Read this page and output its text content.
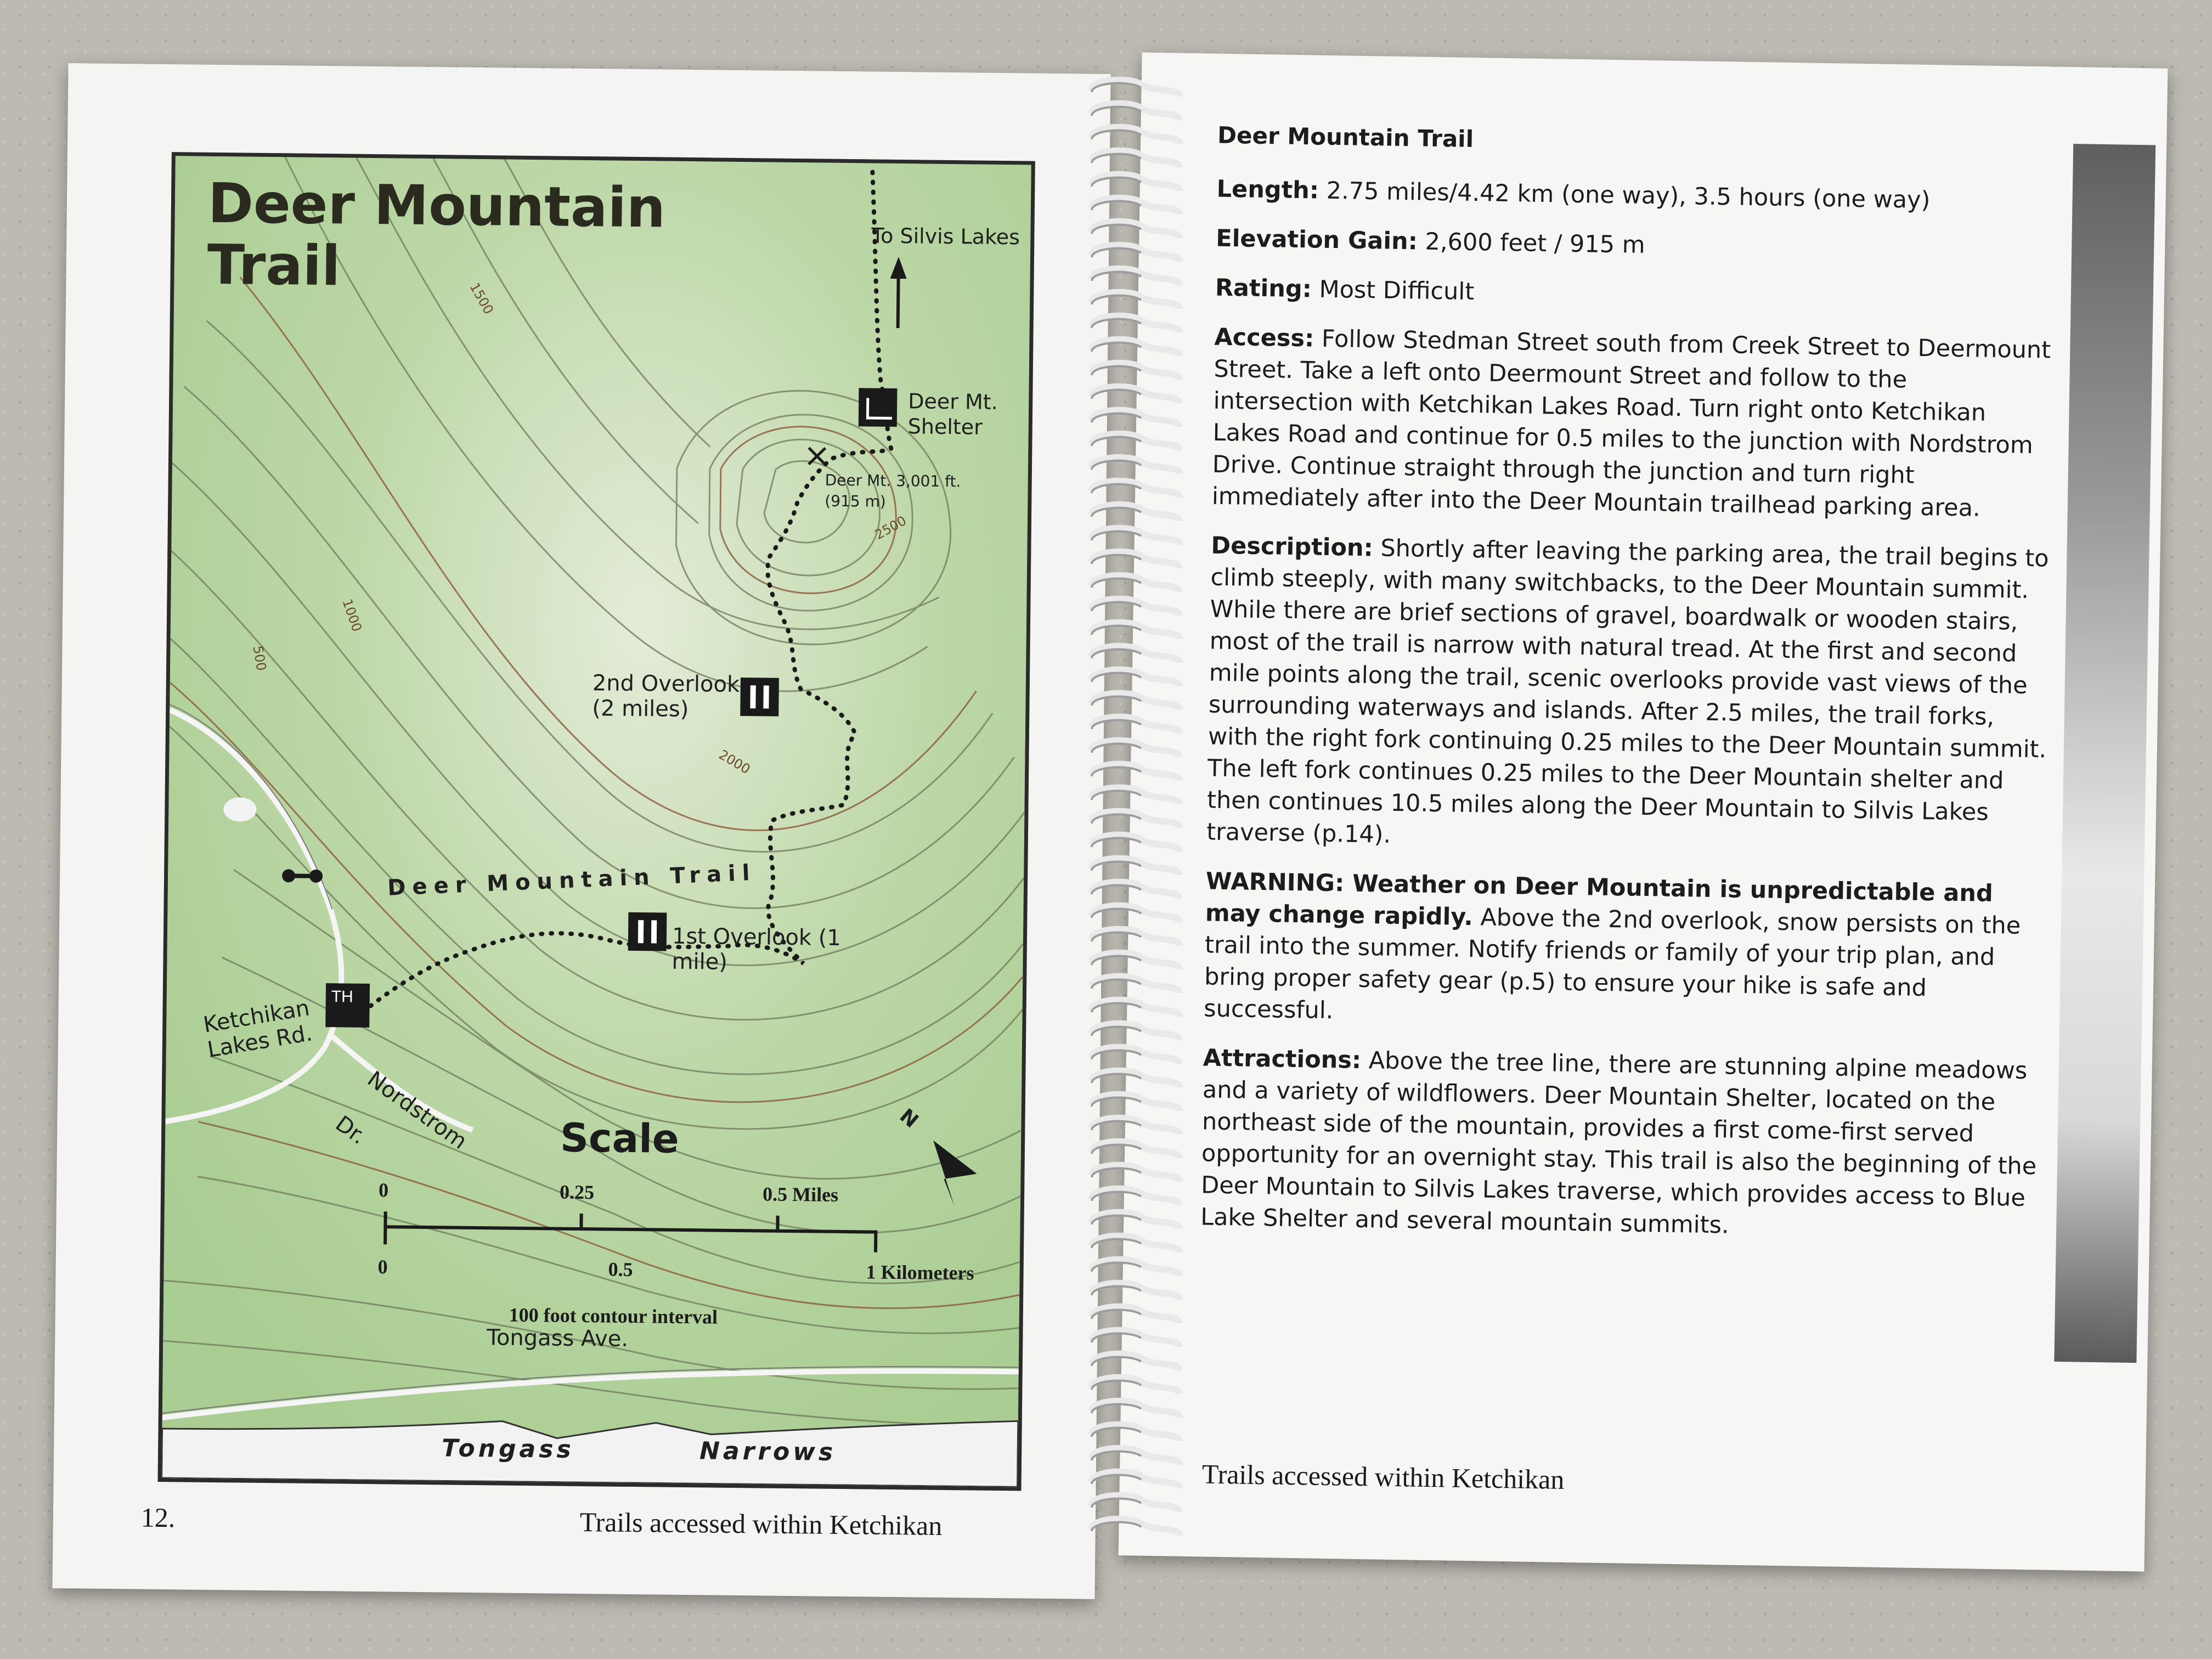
Deer Mountain Trail	To Silvis Lakes
Deer Mt. Shelter
Deer Mt. 3,001 ft. (915 m)
2nd Overlook (2 miles)
1st Overlook (1 mile)
Deer Mountain Trail
TH
Ketchikan Lakes Rd.
Nordstrom Dr.
1500
1000
500
2000
2500
N
Scale
0	0.25	0.5 Miles
0	0.5	1 Kilometers
100 foot contour interval
Tongass Ave.
Tongass	Narrows
12.	Trails accessed within Ketchikan

Deer Mountain Trail

Length: 2.75 miles/4.42 km (one way), 3.5 hours (one way)

Elevation Gain: 2,600 feet / 915 m

Rating: Most Difficult

Access: Follow Stedman Street south from Creek Street to Deermount Street. Take a left onto Deermount Street and follow to the intersection with Ketchikan Lakes Road. Turn right onto Ketchikan Lakes Road and continue for 0.5 miles to the junction with Nordstrom Drive. Continue straight through the junction and turn right immediately after into the Deer Mountain trailhead parking area.

Description: Shortly after leaving the parking area, the trail begins to climb steeply, with many switchbacks, to the Deer Mountain summit. While there are brief sections of gravel, boardwalk or wooden stairs, most of the trail is narrow with natural tread. At the first and second mile points along the trail, scenic overlooks provide vast views of the surrounding waterways and islands. After 2.5 miles, the trail forks, with the right fork continuing 0.25 miles to the Deer Mountain summit. The left fork continues 0.25 miles to the Deer Mountain shelter and then continues 10.5 miles along the Deer Mountain to Silvis Lakes traverse (p.14).

WARNING: Weather on Deer Mountain is unpredictable and may change rapidly. Above the 2nd overlook, snow persists on the trail into the summer. Notify friends or family of your trip plan, and bring proper safety gear (p.5) to ensure your hike is safe and successful.

Attractions: Above the tree line, there are stunning alpine meadows and a variety of wildflowers. Deer Mountain Shelter, located on the northeast side of the mountain, provides a first come-first served opportunity for an overnight stay. This trail is also the beginning of the Deer Mountain to Silvis Lakes traverse, which provides access to Blue Lake Shelter and several mountain summits.

Trails accessed within Ketchikan
